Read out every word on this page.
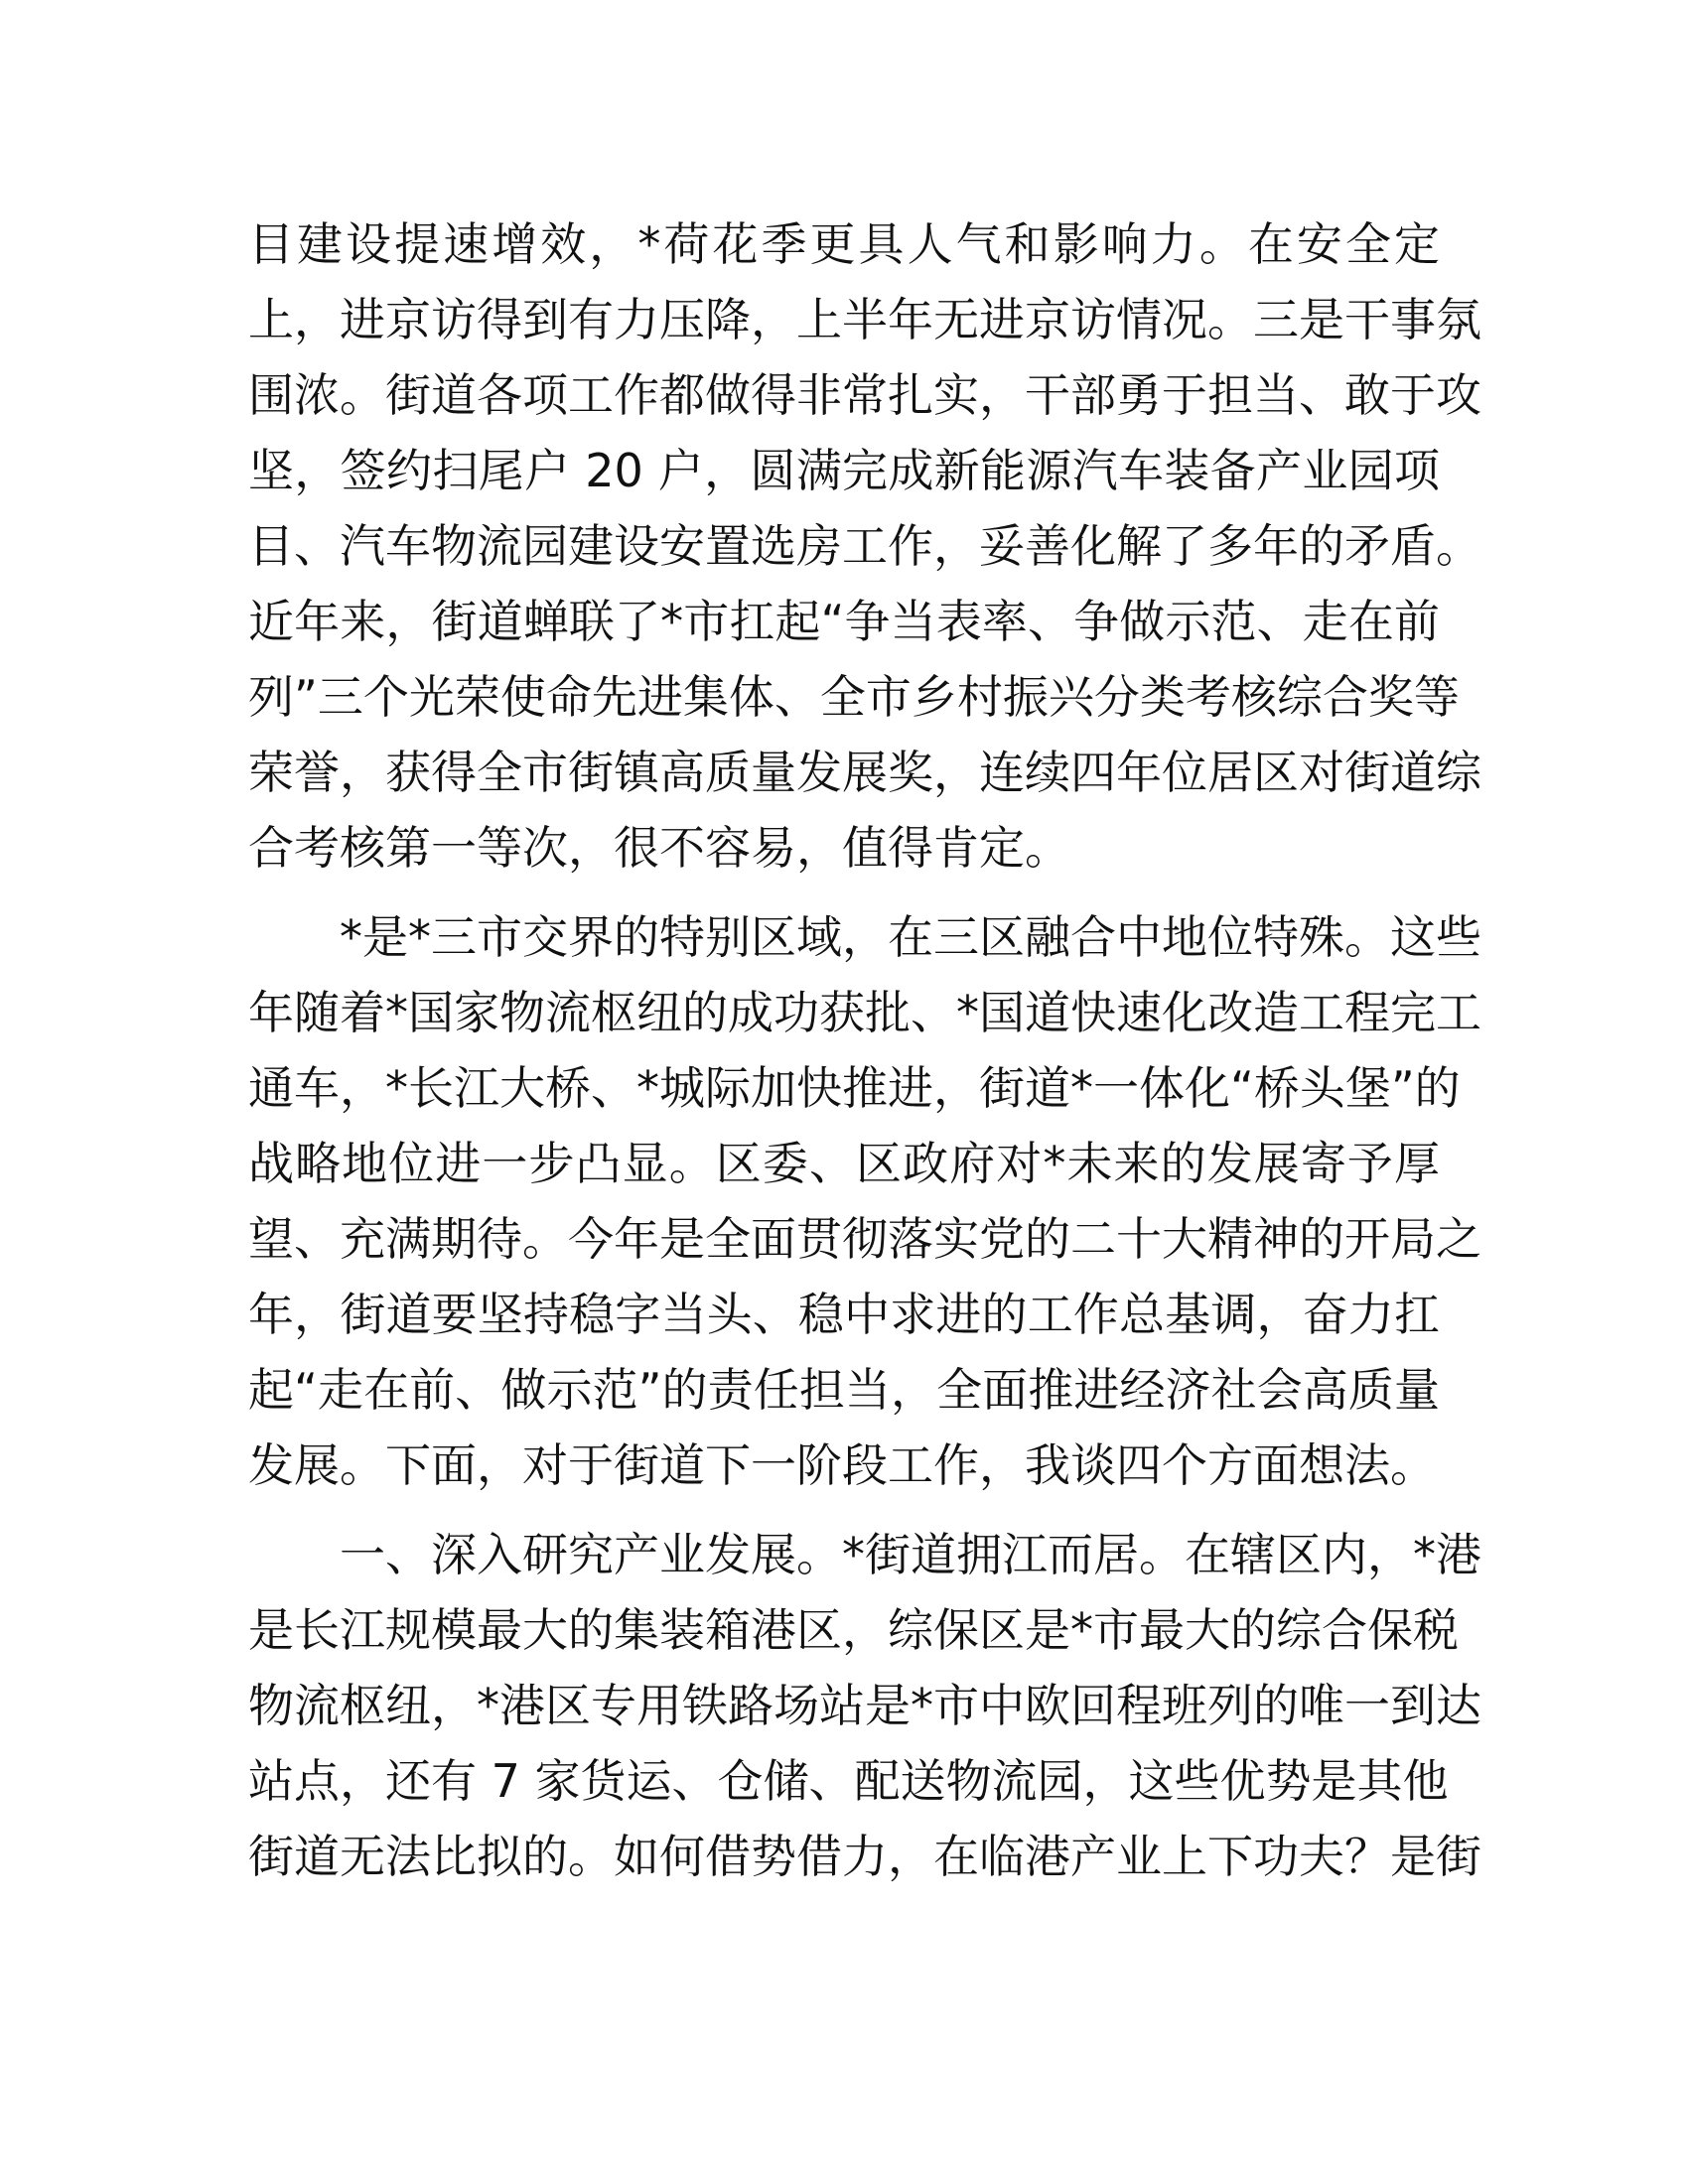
目建设提速增效，*荷花季更具人气和影响力。在安全定
上，进京访得到有力压降，上半年无进京访情况。三是干事氛
围浓。街道各项工作都做得非常扎实，干部勇于担当、敢于攻
坚，签约扫尾户 20 户，圆满完成新能源汽车装备产业园项
目、汽车物流园建设安置选房工作，妥善化解了多年的矛盾。
近年来，街道蝉联了*市扛起“争当表率、争做示范、走在前
列”三个光荣使命先进集体、全市乡村振兴分类考核综合奖等
荣誉，获得全市街镇高质量发展奖，连续四年位居区对街道综
合考核第一等次，很不容易，值得肯定。

*是*三市交界的特别区域，在三区融合中地位特殊。这些
年随着*国家物流枢纽的成功获批、*国道快速化改造工程完工
通车，*长江大桥、*城际加快推进，街道*一体化“桥头堡”的
战略地位进一步凸显。区委、区政府对*未来的发展寄予厚
望、充满期待。今年是全面贯彻落实党的二十大精神的开局之
年，街道要坚持稳字当头、稳中求进的工作总基调，奋力扛
起“走在前、做示范”的责任担当，全面推进经济社会高质量
发展。下面，对于街道下一阶段工作，我谈四个方面想法。

一、深入研究产业发展。*街道拥江而居。在辖区内，*港
是长江规模最大的集装箱港区，综保区是*市最大的综合保税
物流枢纽，*港区专用铁路场站是*市中欧回程班列的唯一到达
站点，还有 7 家货运、仓储、配送物流园，这些优势是其他
街道无法比拟的。如何借势借力，在临港产业上下功夫？是街
